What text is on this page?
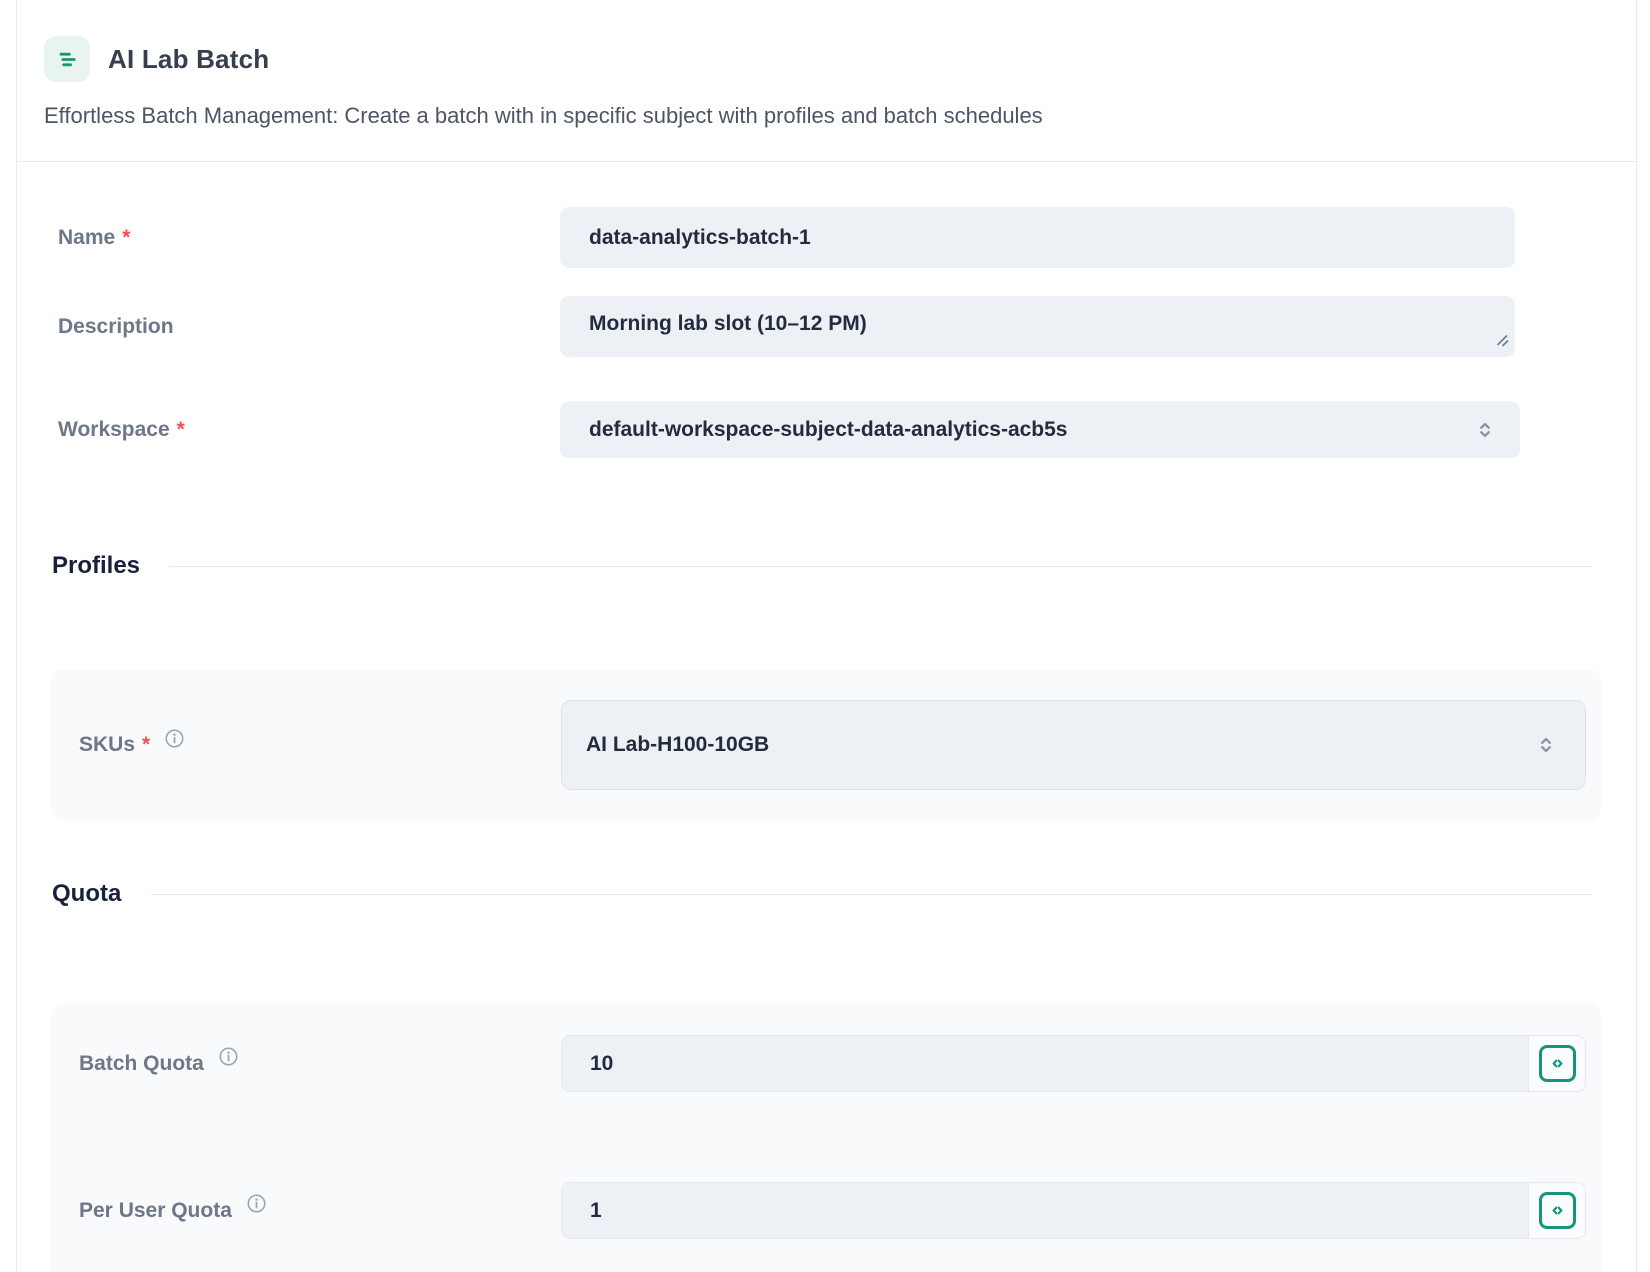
AI Lab Batch

Effortless Batch Management: Create a batch with in specific subject with profiles and batch schedules

Name *
data-analytics-batch-1
Description
Morning lab slot (10–12 PM)
Workspace *	default-workspace-subject-data-analytics-acb5s
Profiles
SKUs *	AI Lab-H100-10GB
Quota
Batch Quota
10
Per User Quota
1
